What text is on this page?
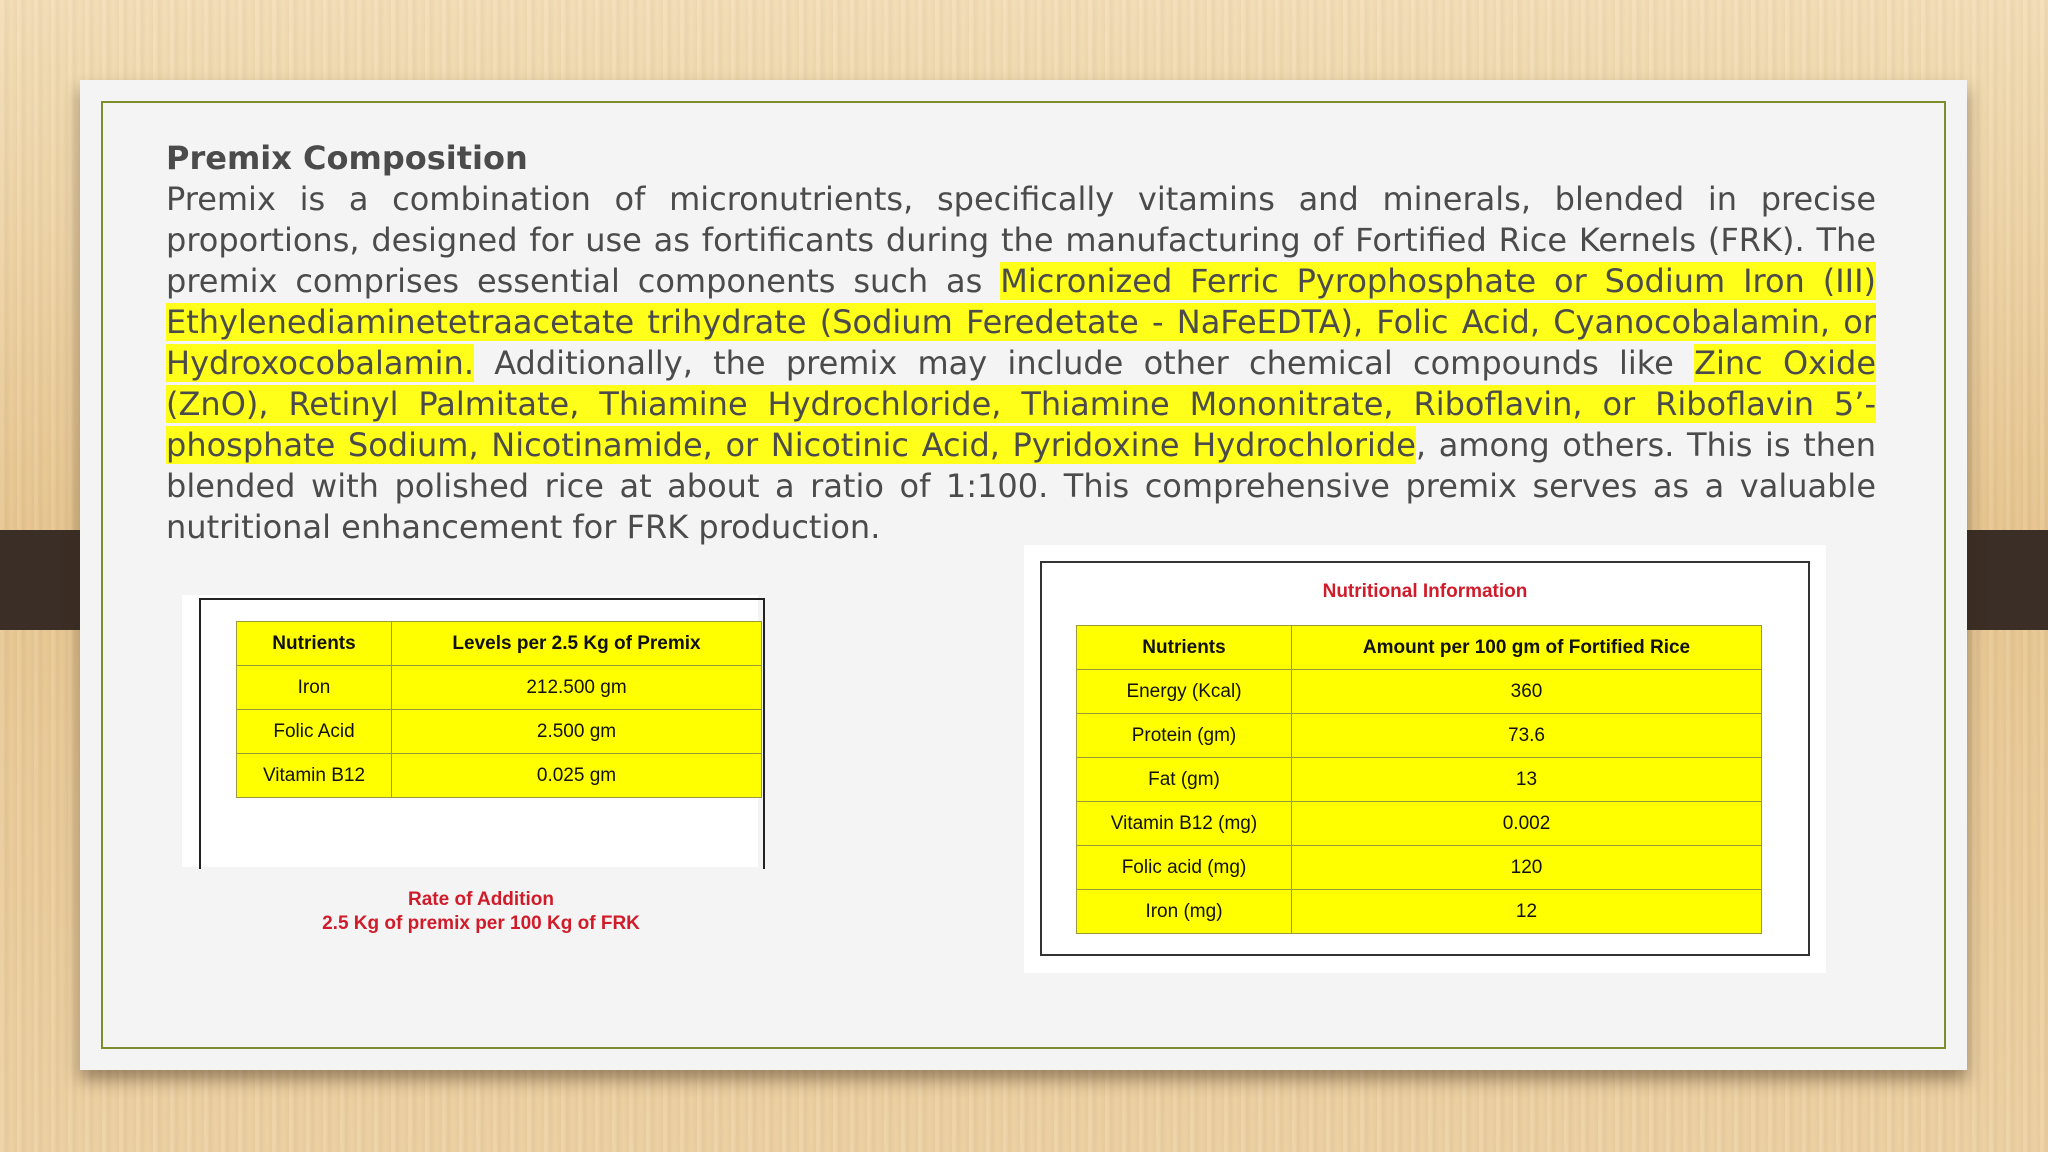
Premix Composition

Premix is a combination of micronutrients, specifically vitamins and minerals, blended in precise proportions, designed for use as fortificants during the manufacturing of Fortified Rice Kernels (FRK). The premix comprises essential components such as Micronized Ferric Pyrophosphate or Sodium Iron (III) Ethylenediaminetetraacetate trihydrate (Sodium Feredetate - NaFeEDTA), Folic Acid, Cyanocobalamin, or Hydroxocobalamin. Additionally, the premix may include other chemical compounds like Zinc Oxide (ZnO), Retinyl Palmitate, Thiamine Hydrochloride, Thiamine Mononitrate, Riboflavin, or Riboflavin 5’-phosphate Sodium, Nicotinamide, or Nicotinic Acid, Pyridoxine Hydrochloride, among others. This is then blended with polished rice at about a ratio of 1:100. This comprehensive premix serves as a valuable nutritional enhancement for FRK production.

Nutrients	Levels per 2.5 Kg of Premix
Iron	212.500 gm
Folic Acid	2.500 gm
Vitamin B12	0.025 gm
Rate of Addition
2.5 Kg of premix per 100 Kg of FRK
Nutritional Information
Nutrients	Amount per 100 gm of Fortified Rice
Energy (Kcal)	360
Protein (gm)	73.6
Fat (gm)	13
Vitamin B12 (mg)	0.002
Folic acid (mg)	120
Iron (mg)	12
